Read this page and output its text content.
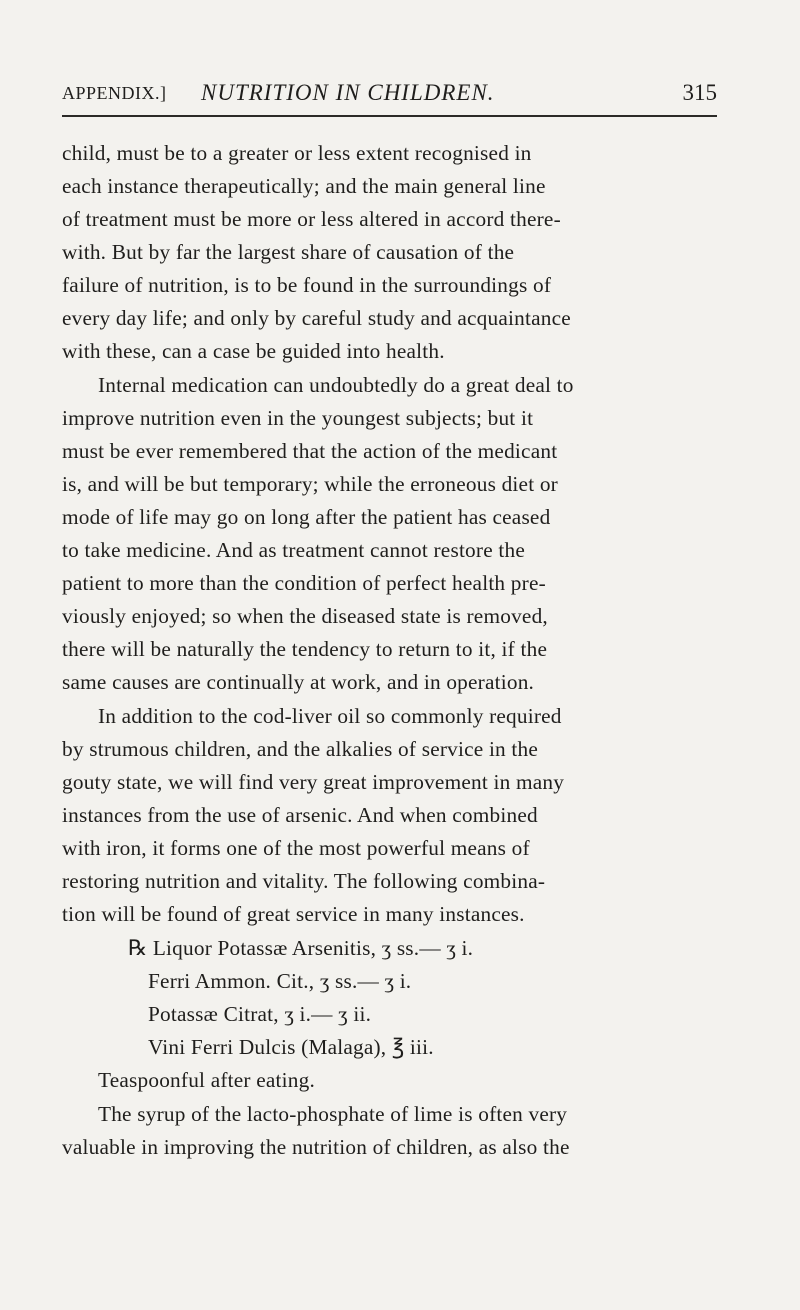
APPENDIX.] NUTRITION IN CHILDREN.	315
child, must be to a greater or less extent recognised in
each instance therapeutically; and the main general line
of treatment must be more or less altered in accord there-
with. But by far the largest share of causation of the
failure of nutrition, is to be found in the surroundings of
every day life; and only by careful study and acquaintance
with these, can a case be guided into health.
Internal medication can undoubtedly do a great deal to
improve nutrition even in the youngest subjects; but it
must be ever remembered that the action of the medicant
is, and will be but temporary; while the erroneous diet or
mode of life may go on long after the patient has ceased
to take medicine. And as treatment cannot restore the
patient to more than the condition of perfect health pre-
viously enjoyed; so when the diseased state is removed,
there will be naturally the tendency to return to it, if the
same causes are continually at work, and in operation.
In addition to the cod-liver oil so commonly required
by strumous children, and the alkalies of service in the
gouty state, we will find very great improvement in many
instances from the use of arsenic. And when combined
with iron, it forms one of the most powerful means of
restoring nutrition and vitality. The following combina-
tion will be found of great service in many instances.
℞ Liquor Potassæ Arsenitis, ʒ ss.— ʒ i.
Ferri Ammon. Cit., ʒ ss.— ʒ i.
Potassæ Citrat, ʒ i.— ʒ ii.
Vini Ferri Dulcis (Malaga), ℥ iii.
Teaspoonful after eating.
The syrup of the lacto-phosphate of lime is often very
valuable in improving the nutrition of children, as also the
